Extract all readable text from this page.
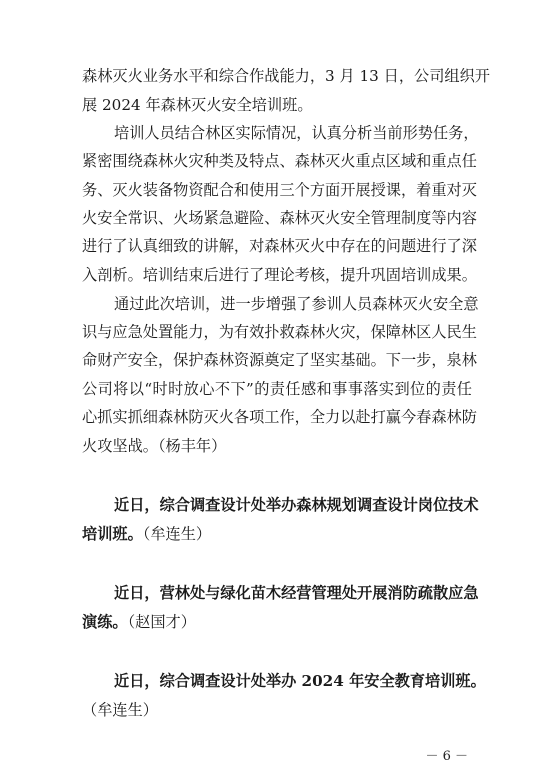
森林灭火业务水平和综合作战能力，3 月 13 日，公司组织开
展 2024 年森林灭火安全培训班。
培训人员结合林区实际情况，认真分析当前形势任务，
紧密围绕森林火灾种类及特点、森林灭火重点区域和重点任
务、灭火装备物资配合和使用三个方面开展授课，着重对灭
火安全常识、火场紧急避险、森林灭火安全管理制度等内容
进行了认真细致的讲解，对森林灭火中存在的问题进行了深
入剖析。培训结束后进行了理论考核，提升巩固培训成果。
通过此次培训，进一步增强了参训人员森林灭火安全意
识与应急处置能力，为有效扑救森林火灾，保障林区人民生
命财产安全，保护森林资源奠定了坚实基础。下一步，泉林
公司将以“时时放心不下”的责任感和事事落实到位的责任
心抓实抓细森林防灭火各项工作，全力以赴打赢今春森林防
火攻坚战。（杨丰年）
近日，综合调查设计处举办森林规划调查设计岗位技术
培训班。（牟连生）
近日，营林处与绿化苗木经营管理处开展消防疏散应急
演练。（赵国才）
近日，综合调查设计处举办 2024 年安全教育培训班。
（牟连生）
－ 6 －
